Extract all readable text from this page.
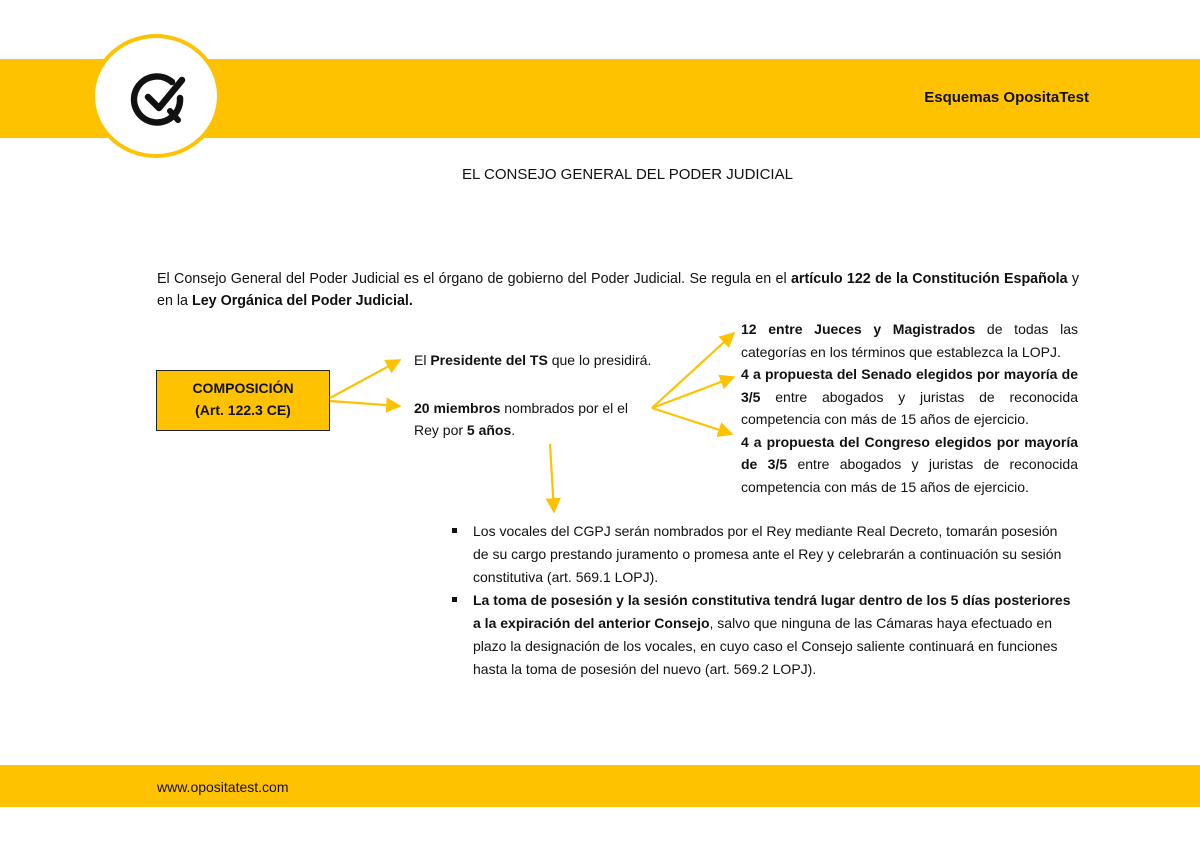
Esquemas OpositaTest
EL CONSEJO GENERAL DEL PODER JUDICIAL
El Consejo General del Poder Judicial es el órgano de gobierno del Poder Judicial. Se regula en el artículo 122 de la Constitución Española y en la Ley Orgánica del Poder Judicial.
COMPOSICIÓN
(Art. 122.3 CE)
El Presidente del TS que lo presidirá.
20 miembros nombrados por el el
Rey por 5 años.

12 entre Jueces y Magistrados de todas las categorías en los términos que establezca la LOPJ.

4 a propuesta del Senado elegidos por mayoría de 3/5 entre abogados y juristas de reconocida competencia con más de 15 años de ejercicio.

4 a propuesta del Congreso elegidos por mayoría de 3/5 entre abogados y juristas de reconocida competencia con más de 15 años de ejercicio.

Los vocales del CGPJ serán nombrados por el Rey mediante Real Decreto, tomarán posesión de su cargo prestando juramento o promesa ante el Rey y celebrarán a continuación su sesión constitutiva (art. 569.1 LOPJ).

La toma de posesión y la sesión constitutiva tendrá lugar dentro de los 5 días posteriores a la expiración del anterior Consejo, salvo que ninguna de las Cámaras haya efectuado en plazo la designación de los vocales, en cuyo caso el Consejo saliente continuará en funciones hasta la toma de posesión del nuevo (art. 569.2 LOPJ).

www.opositatest.com
